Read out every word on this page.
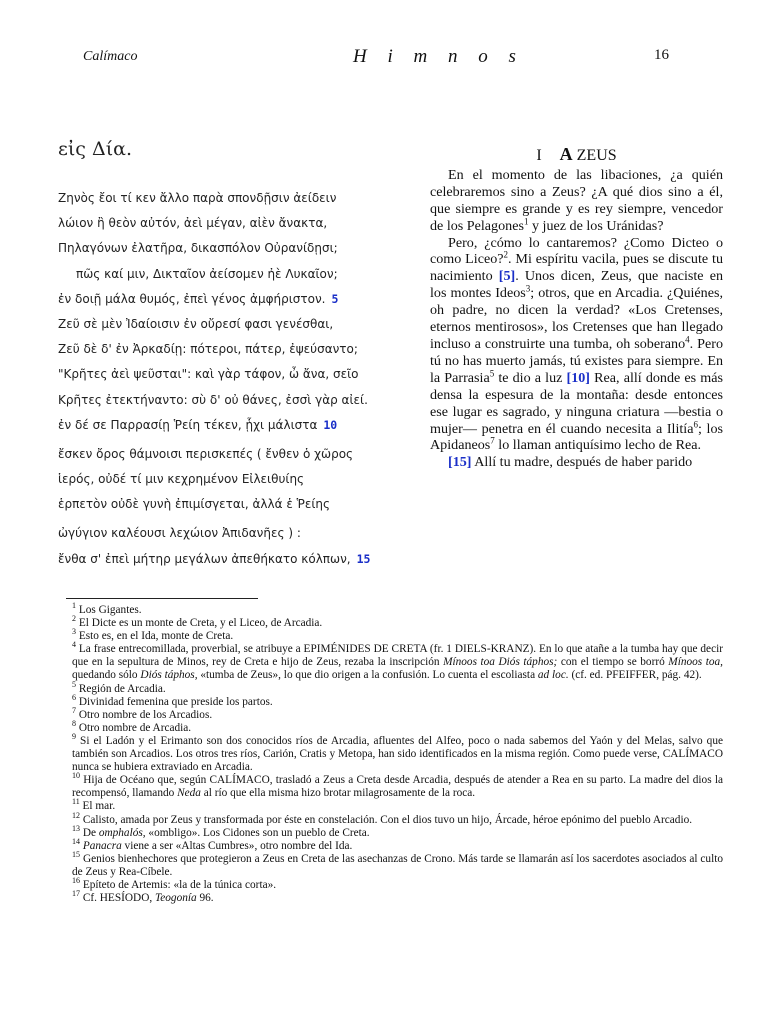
Calímaco	H i m n o s	16
εἰς Δία.
Ζηνὸς ἔοι τί κεν ἄλλο παρὰ σπονδῇσιν ἀείδειν
λώιον ἢ θεὸν αὐτόν, ἀεὶ μέγαν, αἰὲν ἄνακτα,
Πηλαγόνων ἐλατῆρα, δικασπόλον Οὐρανίδῃσι;
πῶς καί μιν, Δικταῖον ἀείσομεν ἠὲ Λυκαῖον;
ἐν δοιῇ μάλα θυμός, ἐπεὶ γένος ἀμφήριστον. 5
Ζεῦ σὲ μὲν Ἰδαίοισιν ἐν οὔρεσί φασι γενέσθαι,
Ζεῦ δὲ δ' ἐν Ἀρκαδίῃ: πότεροι, πάτερ, ἐψεύσαντο;
"Κρῆτες ἀεὶ ψεῦσται": καὶ γὰρ τάφον, ὦ ἄνα, σεῖο
Κρῆτες ἐτεκτήναντο: σὺ δ' οὐ θάνες, ἐσσὶ γὰρ αἰεί.
ἐν δέ σε Παρρασίῃ Ῥείη τέκεν, ᾗχι μάλιστα 10
ἔσκεν ὄρος θάμνοισι περισκεπές ( ἔνθεν ὁ χῶρος
ἱερός, οὐδέ τί μιν κεχρημένον Εἰλειθυίης
ἑρπετὸν οὐδὲ γυνὴ ἐπιμίσγεται, ἀλλά ἑ Ῥείης
ὠγύγιον καλέουσι λεχώιον Ἀπιδανῆες ) :
ἔνθα σ' ἐπεὶ μήτηρ μεγάλων ἀπεθήκατο κόλπων, 15
I A ZEUS

En el momento de las libaciones, ¿a quién celebraremos sino a Zeus? ¿A qué dios sino a él, que siempre es grande y es rey siempre, vencedor de los Pelagones$^1$ y juez de los Uránidas?

Pero, ¿cómo lo cantaremos? ¿Como Dicteo o como Liceo?$^2$. Mi espíritu vacila, pues se discute tu nacimiento [5]. Unos dicen, Zeus, que naciste en los montes Ideos$^3$; otros, que en Arcadia. ¿Quiénes, oh padre, no dicen la verdad? «Los Cretenses, eternos mentirosos», los Cretenses que han llegado incluso a construirte una tumba, oh soberano$^4$. Pero tú no has muerto jamás, tú existes para siempre. En la Parrasia$^5$ te dio a luz [10] Rea, allí donde es más densa la espesura de la montaña: desde entonces ese lugar es sagrado, y ninguna criatura —bestia o mujer— penetra en él cuando necesita a Ilitía$^6$; los Apidaneos$^7$ lo llaman antiquísimo lecho de Rea.

[15] Allí tu madre, después de haber parido

$^1$ Los Gigantes.
$^2$ El Dicte es un monte de Creta, y el Liceo, de Arcadia.
$^3$ Esto es, en el Ida, monte de Creta.
$^4$ La frase entrecomillada, proverbial, se atribuye a EPIMÉNIDES DE CRETA (fr. 1 DIELS-KRANZ). En lo que atañe a la tumba hay que decir que en la sepultura de Minos, rey de Creta e hijo de Zeus, rezaba la inscripción Mínoos toa Diós táphos; con el tiempo se borró Mínoos toa, quedando sólo Diós táphos, «tumba de Zeus», lo que dio origen a la confusión. Lo cuenta el escoliasta ad loc. (cf. ed. PFEIFFER, pág. 42).
$^5$ Región de Arcadia.
$^6$ Divinidad femenina que preside los partos.
$^7$ Otro nombre de los Arcadios.
$^8$ Otro nombre de Arcadia.
$^9$ Si el Ladón y el Erimanto son dos conocidos ríos de Arcadia, afluentes del Alfeo, poco o nada sabemos del Yaón y del Melas, salvo que también son Arcadios. Los otros tres ríos, Carión, Cratis y Metopa, han sido identificados en la misma región. Como puede verse, CALÍMACO nunca se hubiera extraviado en Arcadia.
$^{10}$ Hija de Océano que, según CALÍMACO, trasladó a Zeus a Creta desde Arcadia, después de atender a Rea en su parto. La madre del dios la recompensó, llamando Neda al río que ella misma hizo brotar milagrosamente de la roca.
$^{11}$ El mar.
$^{12}$ Calisto, amada por Zeus y transformada por éste en constelación. Con el dios tuvo un hijo, Árcade, héroe epónimo del pueblo Arcadio.
$^{13}$ De omphalós, «ombligo». Los Cidones son un pueblo de Creta.
$^{14}$ Panacra viene a ser «Altas Cumbres», otro nombre del Ida.
$^{15}$ Genios bienhechores que protegieron a Zeus en Creta de las asechanzas de Crono. Más tarde se llamarán así los sacerdotes asociados al culto de Zeus y Rea-Cíbele.
$^{16}$ Epíteto de Artemis: «la de la túnica corta».
$^{17}$ Cf. HESÍODO, Teogonía 96.
